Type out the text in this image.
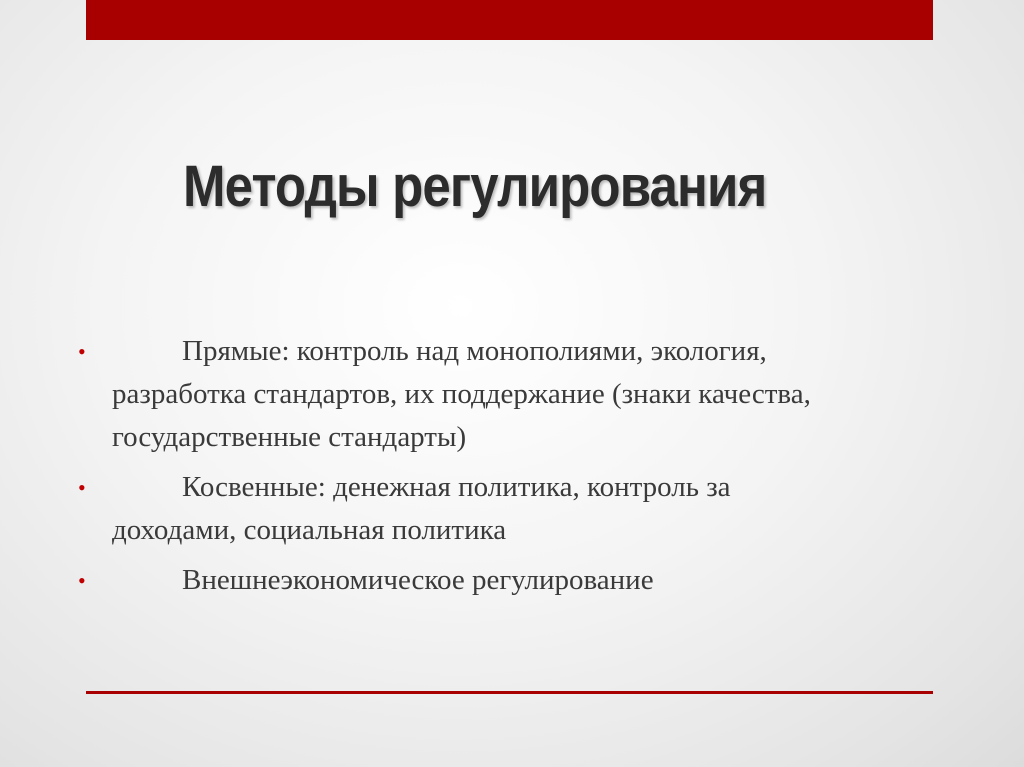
Методы регулирования
•	Прямые: контроль над монополиями, экология, разработка стандартов, их поддержание (знаки качества, государственные стандарты)
•	Косвенные: денежная политика, контроль за доходами, социальная политика
•	Внешнеэкономическое регулирование
